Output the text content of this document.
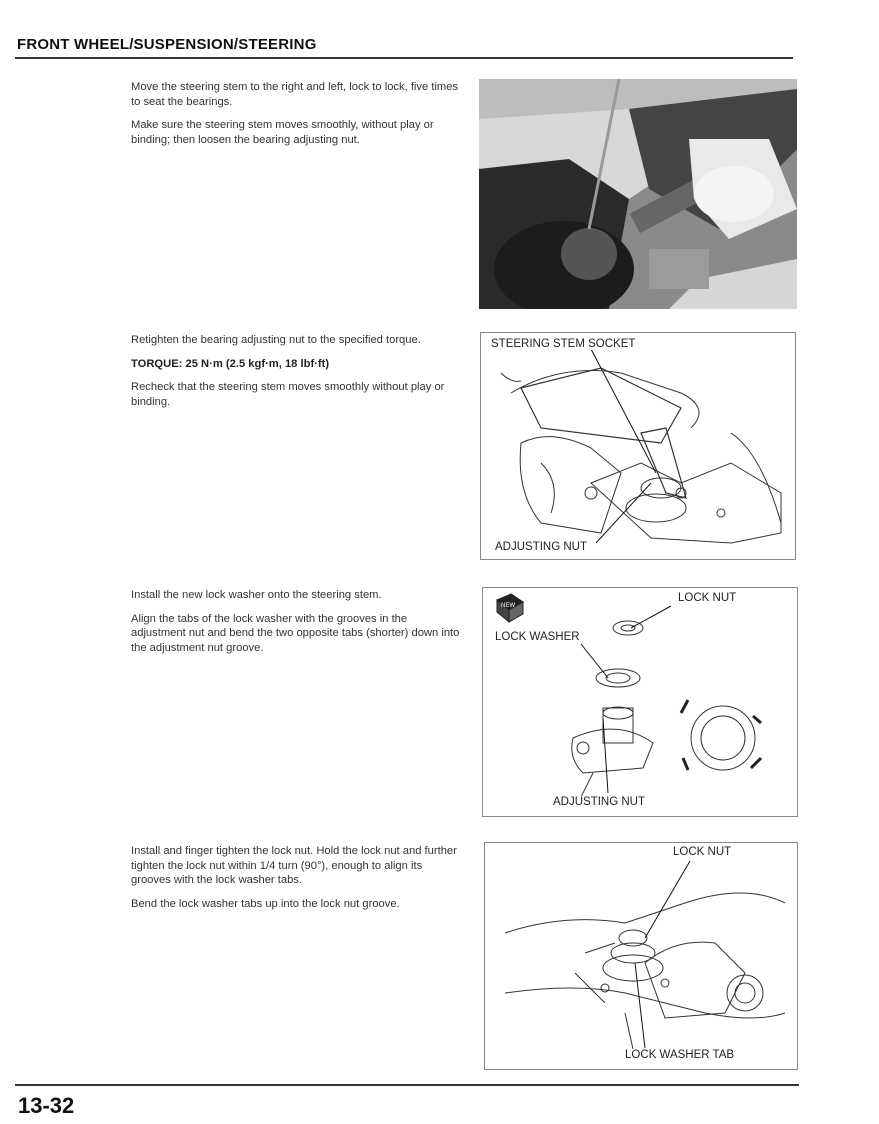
FRONT WHEEL/SUSPENSION/STEERING

Move the steering stem to the right and left, lock to lock, five times to seat the bearings.

Make sure the steering stem moves smoothly, without play or binding; then loosen the bearing adjusting nut.

Retighten the bearing adjusting nut to the specified torque.

TORQUE: 25 N·m (2.5 kgf·m, 18 lbf·ft)

Recheck that the steering stem moves smoothly without play or binding.

STEERING STEM SOCKET
ADJUSTING NUT

Install the new lock washer onto the steering stem.

Align the tabs of the lock washer with the grooves in the adjustment nut and bend the two opposite tabs (shorter) down into the adjustment nut groove.

NEW
LOCK NUT
LOCK WASHER
ADJUSTING NUT

Install and finger tighten the lock nut. Hold the lock nut and further tighten the lock nut within 1/4 turn (90°), enough to align its grooves with the lock washer tabs.

Bend the lock washer tabs up into the lock nut groove.

LOCK NUT
LOCK WASHER TAB
13-32
